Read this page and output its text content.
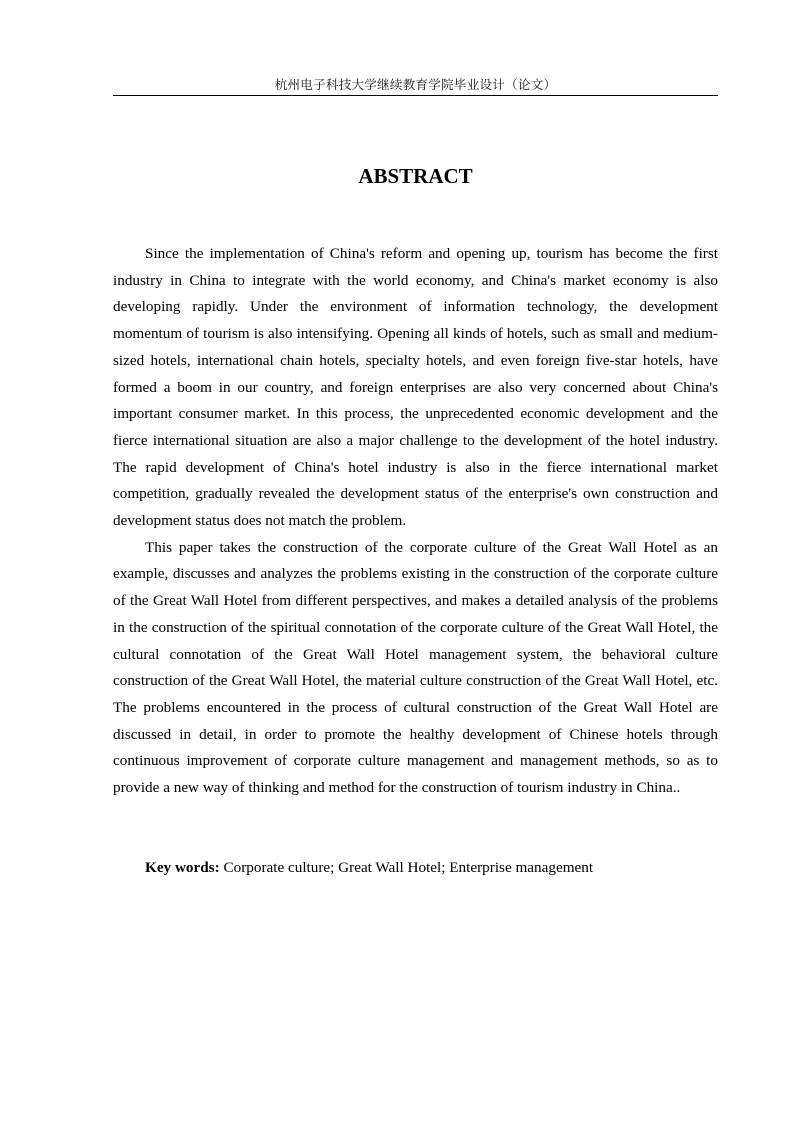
杭州电子科技大学继续教育学院毕业设计（论文）
ABSTRACT

Since the implementation of China's reform and opening up, tourism has become the first industry in China to integrate with the world economy, and China's market economy is also developing rapidly. Under the environment of information technology, the development momentum of tourism is also intensifying. Opening all kinds of hotels, such as small and medium-sized hotels, international chain hotels, specialty hotels, and even foreign five-star hotels, have formed a boom in our country, and foreign enterprises are also very concerned about China's important consumer market. In this process, the unprecedented economic development and the fierce international situation are also a major challenge to the development of the hotel industry. The rapid development of China's hotel industry is also in the fierce international market competition, gradually revealed the development status of the enterprise's own construction and development status does not match the problem.

This paper takes the construction of the corporate culture of the Great Wall Hotel as an example, discusses and analyzes the problems existing in the construction of the corporate culture of the Great Wall Hotel from different perspectives, and makes a detailed analysis of the problems in the construction of the spiritual connotation of the corporate culture of the Great Wall Hotel, the cultural connotation of the Great Wall Hotel management system, the behavioral culture construction of the Great Wall Hotel, the material culture construction of the Great Wall Hotel, etc. The problems encountered in the process of cultural construction of the Great Wall Hotel are discussed in detail, in order to promote the healthy development of Chinese hotels through continuous improvement of corporate culture management and management methods, so as to provide a new way of thinking and method for the construction of tourism industry in China..

Key words: Corporate culture; Great Wall Hotel; Enterprise management
